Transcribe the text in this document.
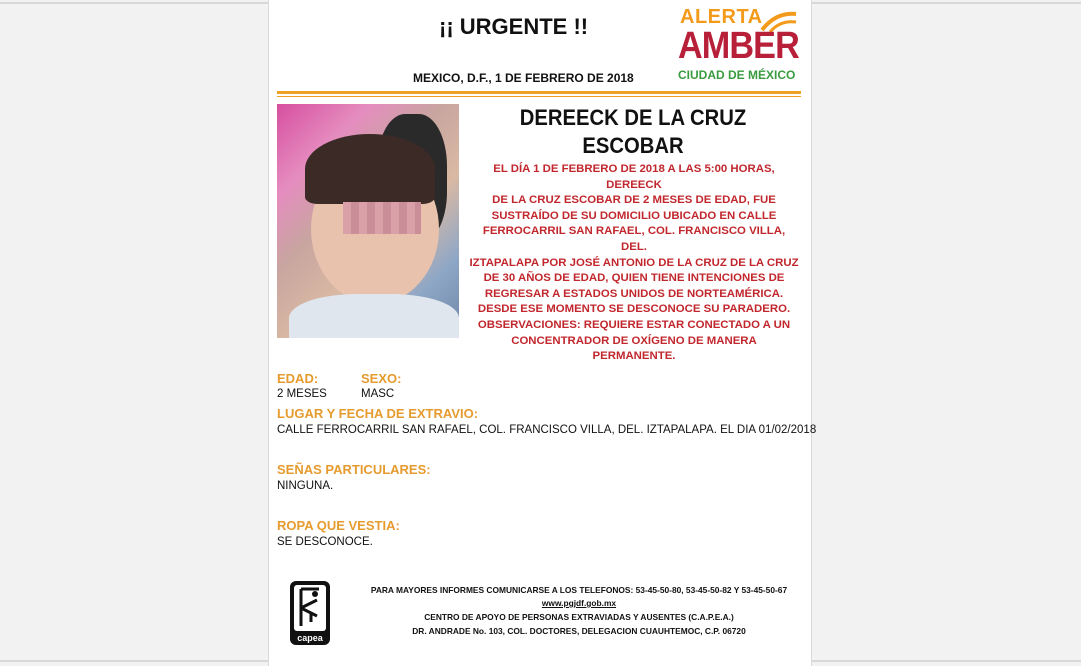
¡¡ URGENTE !!
MEXICO, D.F., 1 DE FEBRERO DE 2018
ALERTA
AMBER
CIUDAD DE MÉXICO
DEREECK DE LA CRUZ
ESCOBAR
EL DÍA 1 DE FEBRERO DE 2018 A LAS 5:00 HORAS, DEREECK
DE LA CRUZ ESCOBAR DE 2 MESES DE EDAD, FUE
SUSTRAÍDO DE SU DOMICILIO UBICADO EN CALLE
FERROCARRIL SAN RAFAEL, COL. FRANCISCO VILLA, DEL.
IZTAPALAPA POR JOSÉ ANTONIO DE LA CRUZ DE LA CRUZ
DE 30 AÑOS DE EDAD, QUIEN TIENE INTENCIONES DE
REGRESAR A ESTADOS UNIDOS DE NORTEAMÉRICA.
DESDE ESE MOMENTO SE DESCONOCE SU PARADERO.
OBSERVACIONES: REQUIERE ESTAR CONECTADO A UN
CONCENTRADOR DE OXÍGENO DE MANERA PERMANENTE.
EDAD:	SEXO:
2 MESES	MASC
LUGAR Y FECHA DE EXTRAVIO:
CALLE FERROCARRIL SAN RAFAEL, COL. FRANCISCO VILLA, DEL. IZTAPALAPA. EL DIA 01/02/2018
SEÑAS PARTICULARES:
NINGUNA.
ROPA QUE VESTIA:
SE DESCONOCE.
capea
PARA MAYORES INFORMES COMUNICARSE A LOS TELEFONOS: 53-45-50-80, 53-45-50-82 Y 53-45-50-67
www.pgjdf.gob.mx
CENTRO DE APOYO DE PERSONAS EXTRAVIADAS Y AUSENTES (C.A.P.E.A.)
DR. ANDRADE No. 103, COL. DOCTORES, DELEGACION CUAUHTEMOC, C.P. 06720
